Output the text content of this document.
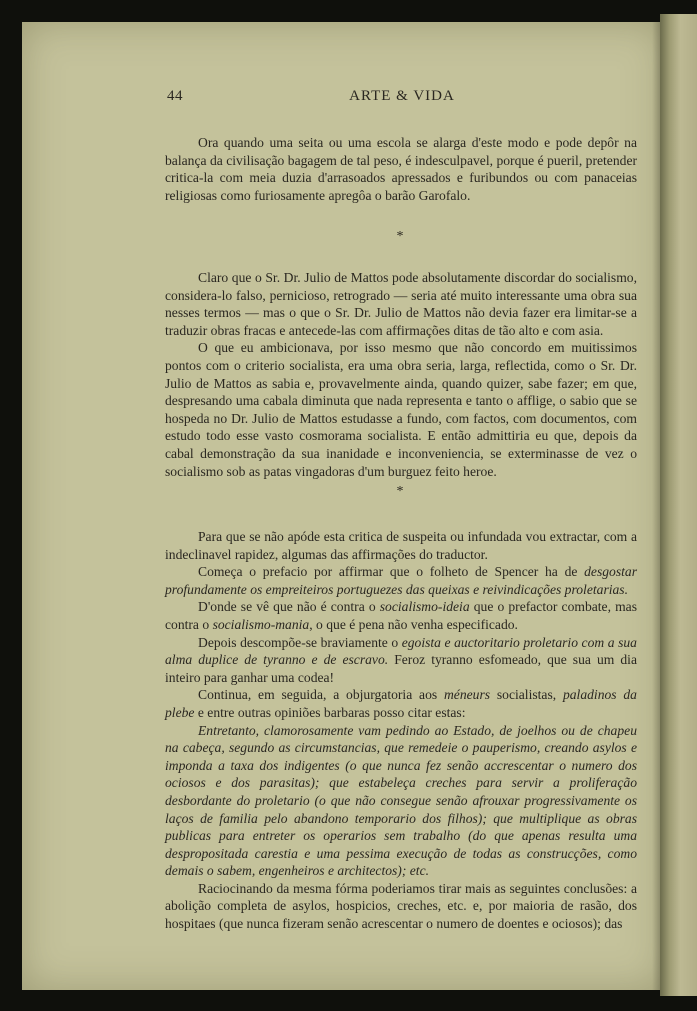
44	ARTE & VIDA

Ora quando uma seita ou uma escola se alarga d'este modo e pode depôr na balança da civilisação bagagem de tal peso, é indesculpavel, porque é pueril, pretender critica-la com meia duzia d'arrasoados apressados e furibundos ou com panaceias religiosas como furiosamente apregôa o barão Garofalo.

*

Claro que o Sr. Dr. Julio de Mattos pode absolutamente discordar do socialismo, considera-lo falso, pernicioso, retrogrado — seria até muito interessante uma obra sua nesses termos — mas o que o Sr. Dr. Julio de Mattos não devia fazer era limitar-se a traduzir obras fracas e antecede-las com affirmações ditas de tão alto e com asia.

O que eu ambicionava, por isso mesmo que não concordo em muitissimos pontos com o criterio socialista, era uma obra seria, larga, reflectida, como o Sr. Dr. Julio de Mattos as sabia e, provavelmente ainda, quando quizer, sabe fazer; em que, despresando uma cabala diminuta que nada representa e tanto o afflige, o sabio que se hospeda no Dr. Julio de Mattos estudasse a fundo, com factos, com documentos, com estudo todo esse vasto cosmorama socialista. E então admittiria eu que, depois da cabal demonstração da sua inanidade e inconveniencia, se exterminasse de vez o socialismo sob as patas vingadoras d'um burguez feito heroe.

*

Para que se não apóde esta critica de suspeita ou infundada vou extractar, com a indeclinavel rapidez, algumas das affirmações do traductor.

Começa o prefacio por affirmar que o folheto de Spencer ha de desgostar profundamente os empreiteiros portuguezes das queixas e reivindicações proletarias.

D'onde se vê que não é contra o socialismo-ideia que o prefactor combate, mas contra o socialismo-mania, o que é pena não venha especificado.

Depois descompõe-se braviamente o egoista e auctoritario proletario com a sua alma duplice de tyranno e de escravo. Feroz tyranno esfomeado, que sua um dia inteiro para ganhar uma codea!

Continua, em seguida, a objurgatoria aos méneurs socialistas, paladinos da plebe e entre outras opiniões barbaras posso citar estas:

Entretanto, clamorosamente vam pedindo ao Estado, de joelhos ou de chapeu na cabeça, segundo as circumstancias, que remedeie o pauperismo, creando asylos e imponda a taxa dos indigentes (o que nunca fez senão accrescentar o numero dos ociosos e dos parasitas); que estabeleça creches para servir a proliferação desbordante do proletario (o que não consegue senão afrouxar progressivamente os laços de familia pelo abandono temporario dos filhos); que multiplique as obras publicas para entreter os operarios sem trabalho (do que apenas resulta uma despropositada carestia e uma pessima execução de todas as construcções, como demais o sabem, engenheiros e architectos); etc.

Raciocinando da mesma fórma poderiamos tirar mais as seguintes conclusões: a abolição completa de asylos, hospicios, creches, etc. e, por maioria de rasão, dos hospitaes (que nunca fizeram senão acrescentar o numero de doentes e ociosos); das
